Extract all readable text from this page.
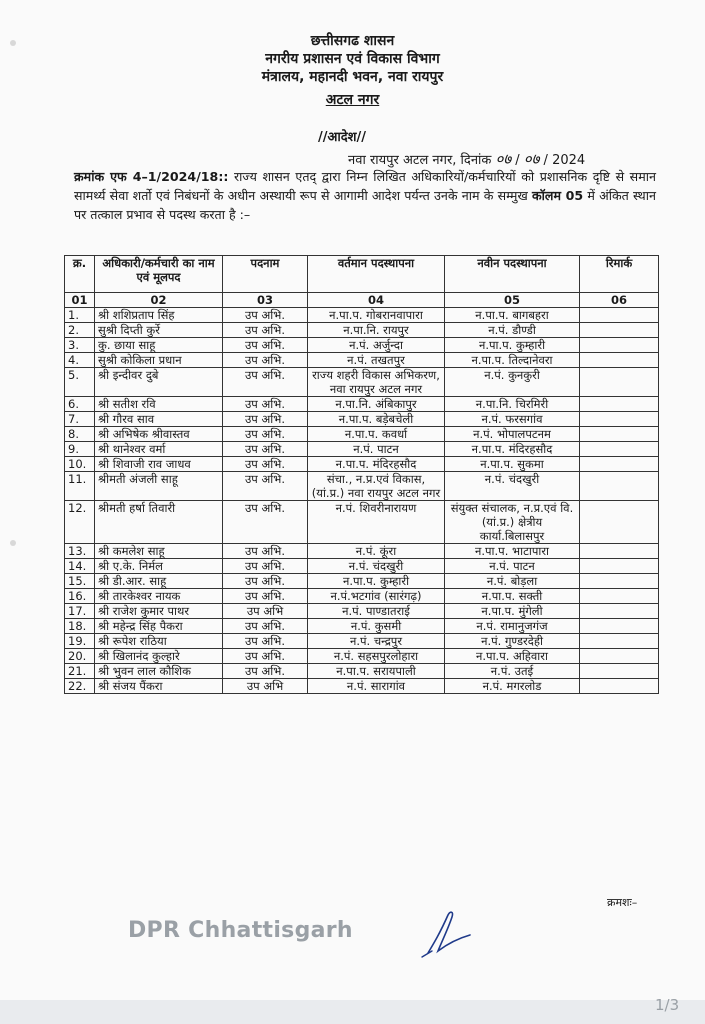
छत्तीसगढ शासन
नगरीय प्रशासन एवं विकास विभाग
मंत्रालय, महानदी भवन, नवा रायपुर
अटल नगर
//आदेश//
नवा रायपुर अटल नगर, दिनांक ०७ / ०७ / 2024
क्रमांक एफ 4–1/2024/18:: राज्य शासन एतद् द्वारा निम्न लिखित अधिकारियों/कर्मचारियों को प्रशासनिक दृष्टि से समान सामर्थ्य सेवा शर्तो एवं निबंधनों के अधीन अस्थायी रूप से आगामी आदेश पर्यन्त उनके नाम के सम्मुख कॉलम 05 में अंकित स्थान पर तत्काल प्रभाव से पदस्थ करता है :–
क्र.	अधिकारी/कर्मचारी का नाम एवं मूलपद	पदनाम	वर्तमान पदस्थापना	नवीन पदस्थापना	रिमार्क
01	02	03	04	05	06
1.	श्री शशिप्रताप सिंह	उप अभि.	न.पा.प. गोबरानवापारा	न.पा.प. बागबहरा	
2.	सुश्री दिप्ती कुर्रे	उप अभि.	न.पा.नि. रायपुर	न.पं. डौण्डी	
3.	कु. छाया साहू	उप अभि.	न.पं. अर्जुन्दा	न.पा.प. कुम्हारी	
4.	सुश्री कोकिला प्रधान	उप अभि.	न.पं. तखतपुर	न.पा.प. तिल्दानेवरा	
5.	श्री इन्दीवर दुबे	उप अभि.	राज्य शहरी विकास अभिकरण, नवा रायपुर अटल नगर	न.पं. कुनकुरी	
6.	श्री सतीश रवि	उप अभि.	न.पा.नि. अंबिकापुर	न.पा.नि. चिरमिरी	
7.	श्री गौरव साव	उप अभि.	न.पा.प. बड़ेबचेली	न.पं. फरसगांव	
8.	श्री अभिषेक श्रीवास्तव	उप अभि.	न.पा.प. कवर्धा	न.पं. भोपालपटनम	
9.	श्री थानेश्वर वर्मा	उप अभि.	न.पं. पाटन	न.पा.प. मंदिरहसौद	
10.	श्री शिवाजी राव जाधव	उप अभि.	न.पा.प. मंदिरहसौद	न.पा.प. सुकमा	
11.	श्रीमती अंजली साहू	उप अभि.	संचा., न.प्र.एवं विकास, (यां.प्र.) नवा रायपुर अटल नगर	न.पं. चंदखुरी	
12.	श्रीमती हर्षा तिवारी	उप अभि.	न.पं. शिवरीनारायण	संयुक्त संचालक, न.प्र.एवं वि. (यां.प्र.) क्षेत्रीय कार्या.बिलासपुर	
13.	श्री कमलेश साहू	उप अभि.	न.पं. कूंरा	न.पा.प. भाटापारा	
14.	श्री ए.के. निर्मल	उप अभि.	न.पं. चंदखुरी	न.पं. पाटन	
15.	श्री डी.आर. साहू	उप अभि.	न.पा.प. कुम्हारी	न.पं. बोड़ला	
16.	श्री तारकेश्वर नायक	उप अभि.	न.पं.भटगांव (सारंगढ़)	न.पा.प. सक्ती	
17.	श्री राजेश कुमार पाथर	उप अभि	न.पं. पाण्डातराई	न.पा.प. मुंगेली	
18.	श्री महेन्द्र सिंह पैकरा	उप अभि.	न.पं. कुसमी	न.पं. रामानुजगंज	
19.	श्री रूपेश राठिया	उप अभि.	न.पं. चन्द्रपुर	न.पं. गुण्डरदेही	
20.	श्री खिलानंद कुल्हारे	उप अभि.	न.पं. सहसपुरलोहारा	न.पा.प. अहिवारा	
21.	श्री भुवन लाल कौशिक	उप अभि.	न.पा.प. सरायपाली	न.पं. उतई	
22.	श्री संजय पैंकरा	उप अभि	न.पं. सारागांव	न.पं. मगरलोड	
क्रमशः–
DPR Chhattisgarh
1/3
